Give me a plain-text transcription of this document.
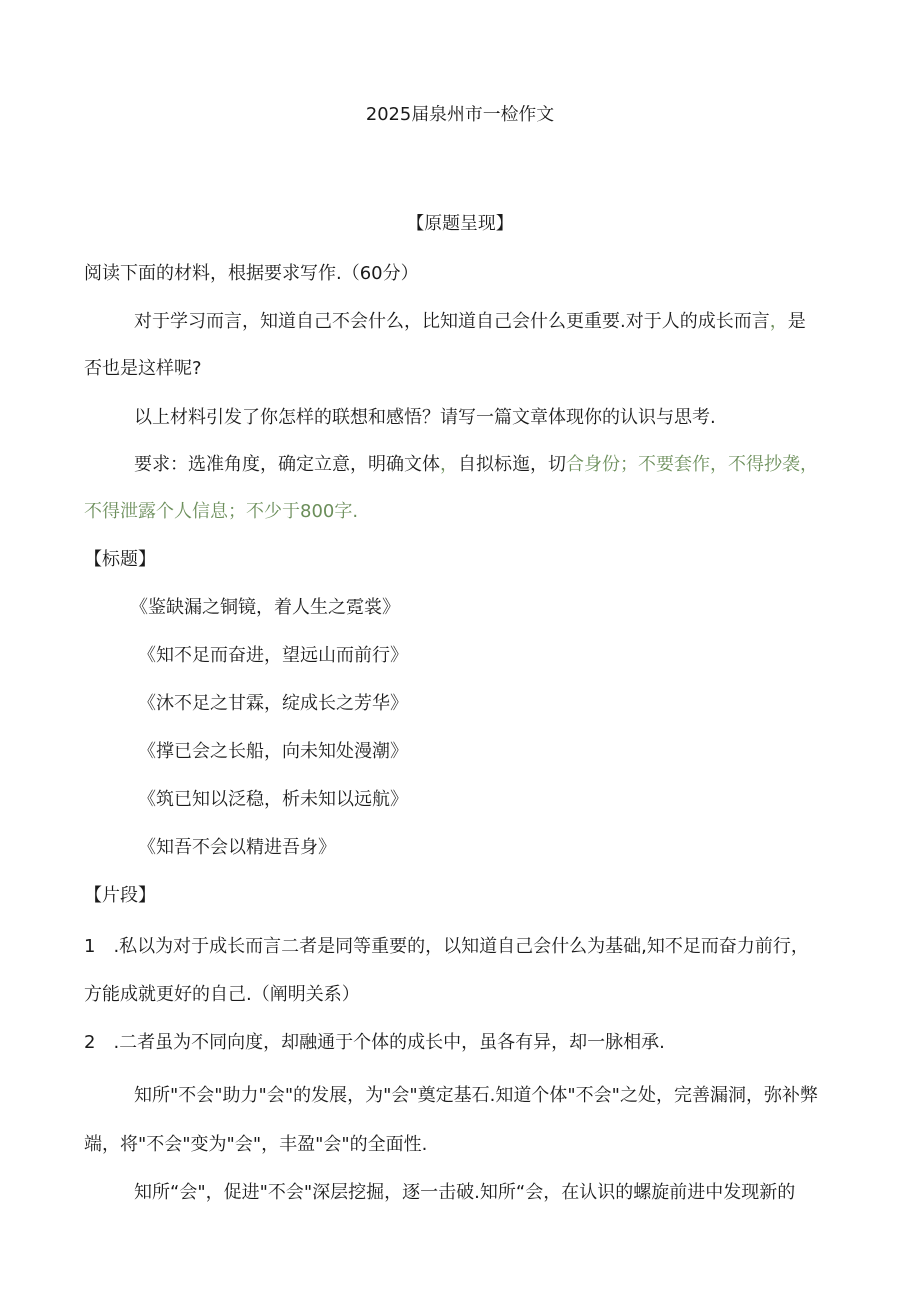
2025届泉州市一检作文
【原题呈现】
阅读下面的材料，根据要求写作.（60分）
对于学习而言，知道自己不会什么，比知道自己会什么更重要.对于人的成长而言，是
否也是这样呢?
以上材料引发了你怎样的联想和感悟？请写一篇文章体现你的认识与思考.
要求：选准角度，确定立意，明确文体，自拟标迤，切合身份；不要套作，不得抄袭，
不得泄露个人信息；不少于800字.
【标题】
《鉴缺漏之铜镜，着人生之霓裳》
《知不足而奋进，望远山而前行》
《沐不足之甘霖，绽成长之芳华》
《撑已会之长船，向未知处漫潮》
《筑已知以泛稳，析未知以远航》
《知吾不会以精进吾身》
【片段】
1　.私以为对于成长而言二者是同等重要的，以知道自己会什么为基础,知不足而奋力前行，
方能成就更好的自己.（阐明关系）
2　.二者虽为不同向度，却融通于个体的成长中，虽各有异，却一脉相承.
知所"不会"助力"会"的发展，为"会"奠定基石.知道个体"不会"之处，完善漏洞，弥补弊
端，将"不会"变为"会"，丰盈"会"的全面性.
知所“会"，促进"不会"深层挖掘，逐一击破.知所“会，在认识的螺旋前进中发现新的
